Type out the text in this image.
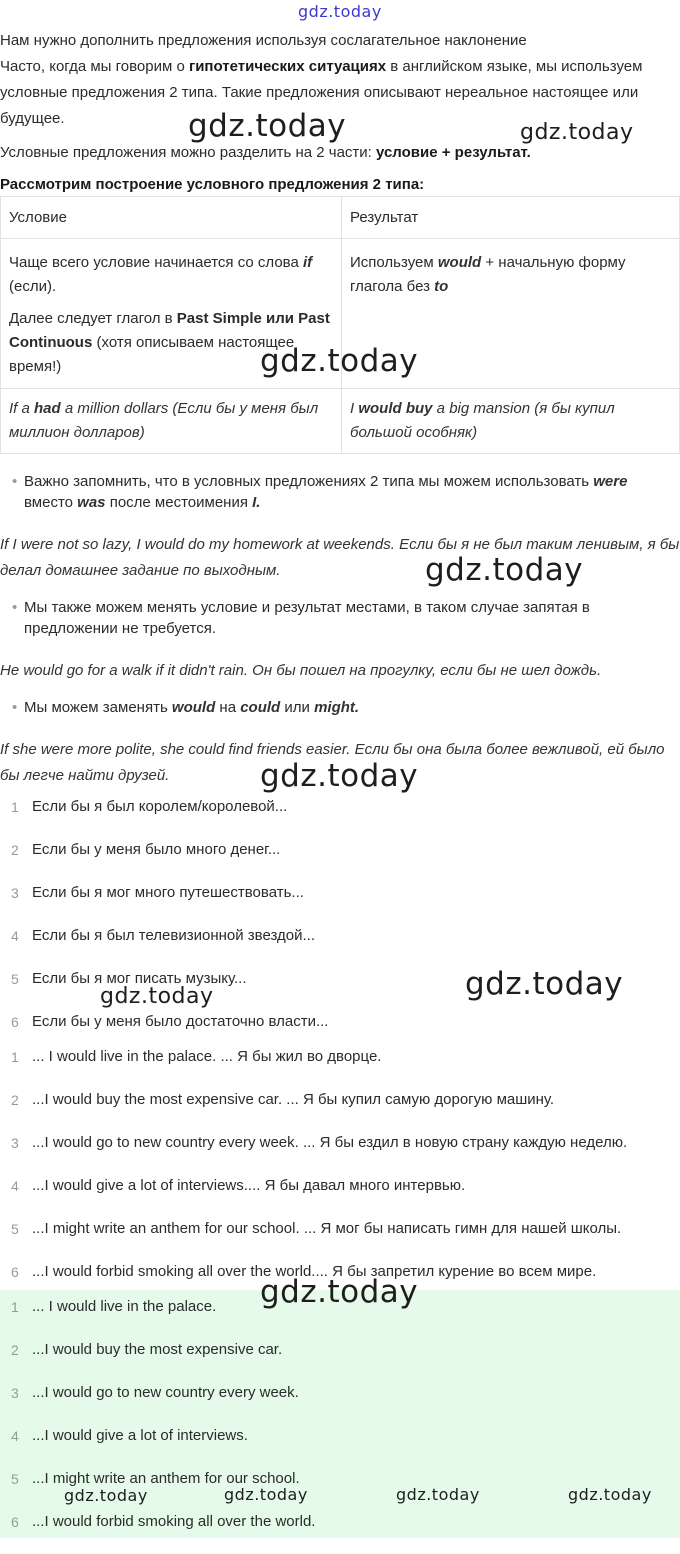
gdz.today

Нам нужно дополнить предложения используя сослагательное наклонение

Часто, когда мы говорим о гипотетических ситуациях в английском языке, мы используем условные предложения 2 типа. Такие предложения описывают нереальное настоящее или будущее.

Условные предложения можно разделить на 2 части: условие + результат.

Рассмотрим построение условного предложения 2 типа:

Условие	Результат

Чаще всего условие начинается со слова if (если).
Далее следует глагол в Past Simple или Past Continuous (хотя описываем настоящее время!)	Используем would + начальную форму глагола без to

If a had a million dollars (Если бы у меня был миллион долларов)	I would buy a big mansion (я бы купил большой особняк)
• Важно запомнить, что в условных предложениях 2 типа мы можем использовать were вместо was после местоимения I.

If I were not so lazy, I would do my homework at weekends. Если бы я не был таким ленивым, я бы делал домашнее задание по выходным.

• Мы также можем менять условие и результат местами, в таком случае запятая в предложении не требуется.

He would go for a walk if it didn't rain. Он бы пошел на прогулку, если бы не шел дождь.

• Мы можем заменять would на could или might.

If she were more polite, she could find friends easier. Если бы она была более вежливой, ей было бы легче найти друзей.

1 Если бы я был королем/королевой...
2 Если бы у меня было много денег...
3 Если бы я мог много путешествовать...
4 Если бы я был телевизионной звездой...
5 Если бы я мог писать музыку...
6 Если бы у меня было достаточно власти...
1 ... I would live in the palace. ... Я бы жил во дворце.
2 ...I would buy the most expensive car. ... Я бы купил самую дорогую машину.
3 ...I would go to new country every week. ... Я бы ездил в новую страну каждую неделю.
4 ...I would give a lot of interviews.... Я бы давал много интервью.
5 ...I might write an anthem for our school. ... Я мог бы написать гимн для нашей школы.
6 ...I would forbid smoking all over the world.... Я бы запретил курение во всем мире.
1 ... I would live in the palace.
2 ...I would buy the most expensive car.
3 ...I would go to new country every week.
4 ...I would give a lot of interviews.
5 ...I might write an anthem for our school.
6 ...I would forbid smoking all over the world.
gdz.today	gdz.today
gdz.today
gdz.today
gdz.today
gdz.today
gdz.today
gdz.today
gdz.today	gdz.today	gdz.today	gdz.today
